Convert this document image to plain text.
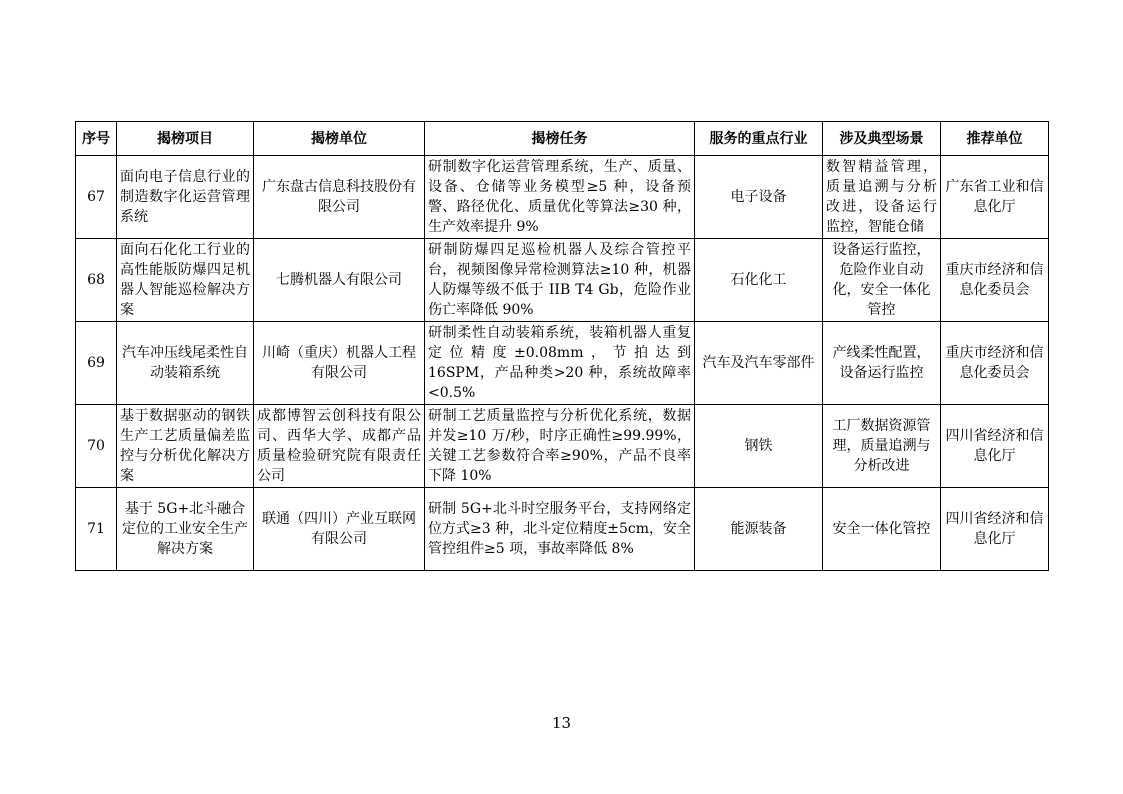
序号	揭榜项目	揭榜单位	揭榜任务	服务的重点行业	涉及典型场景	推荐单位
67	面向电子信息行业的制造数字化运营管理系统	广东盘古信息科技股份有限公司	研制数字化运营管理系统，生产、质量、设备、仓储等业务模型≥5 种，设备预警、路径优化、质量优化等算法≥30 种，生产效率提升 9%	电子设备	数智精益管理，质量追溯与分析改进，设备运行监控，智能仓储	广东省工业和信息化厅
68	面向石化化工行业的高性能版防爆四足机器人智能巡检解决方案	七腾机器人有限公司	研制防爆四足巡检机器人及综合管控平台，视频图像异常检测算法≥10 种，机器人防爆等级不低于 IIB T4 Gb，危险作业伤亡率降低 90%	石化化工	设备运行监控，危险作业自动化，安全一体化管控	重庆市经济和信息化委员会
69	汽车冲压线尾柔性自动装箱系统	川崎（重庆）机器人工程有限公司	研制柔性自动装箱系统，装箱机器人重复定位精度±0.08mm，节拍达到 16SPM，产品种类>20 种，系统故障率<0.5%	汽车及汽车零部件	产线柔性配置，设备运行监控	重庆市经济和信息化委员会
70	基于数据驱动的钢铁生产工艺质量偏差监控与分析优化解决方案	成都博智云创科技有限公司、西华大学、成都产品质量检验研究院有限责任公司	研制工艺质量监控与分析优化系统，数据并发≥10 万/秒，时序正确性≥99.99%，关键工艺参数符合率≥90%，产品不良率下降 10%	钢铁	工厂数据资源管理，质量追溯与分析改进	四川省经济和信息化厅
71	基于 5G+北斗融合定位的工业安全生产解决方案	联通（四川）产业互联网有限公司	研制 5G+北斗时空服务平台，支持网络定位方式≥3 种，北斗定位精度±5cm，安全管控组件≥5 项，事故率降低 8%	能源装备	安全一体化管控	四川省经济和信息化厅
13
